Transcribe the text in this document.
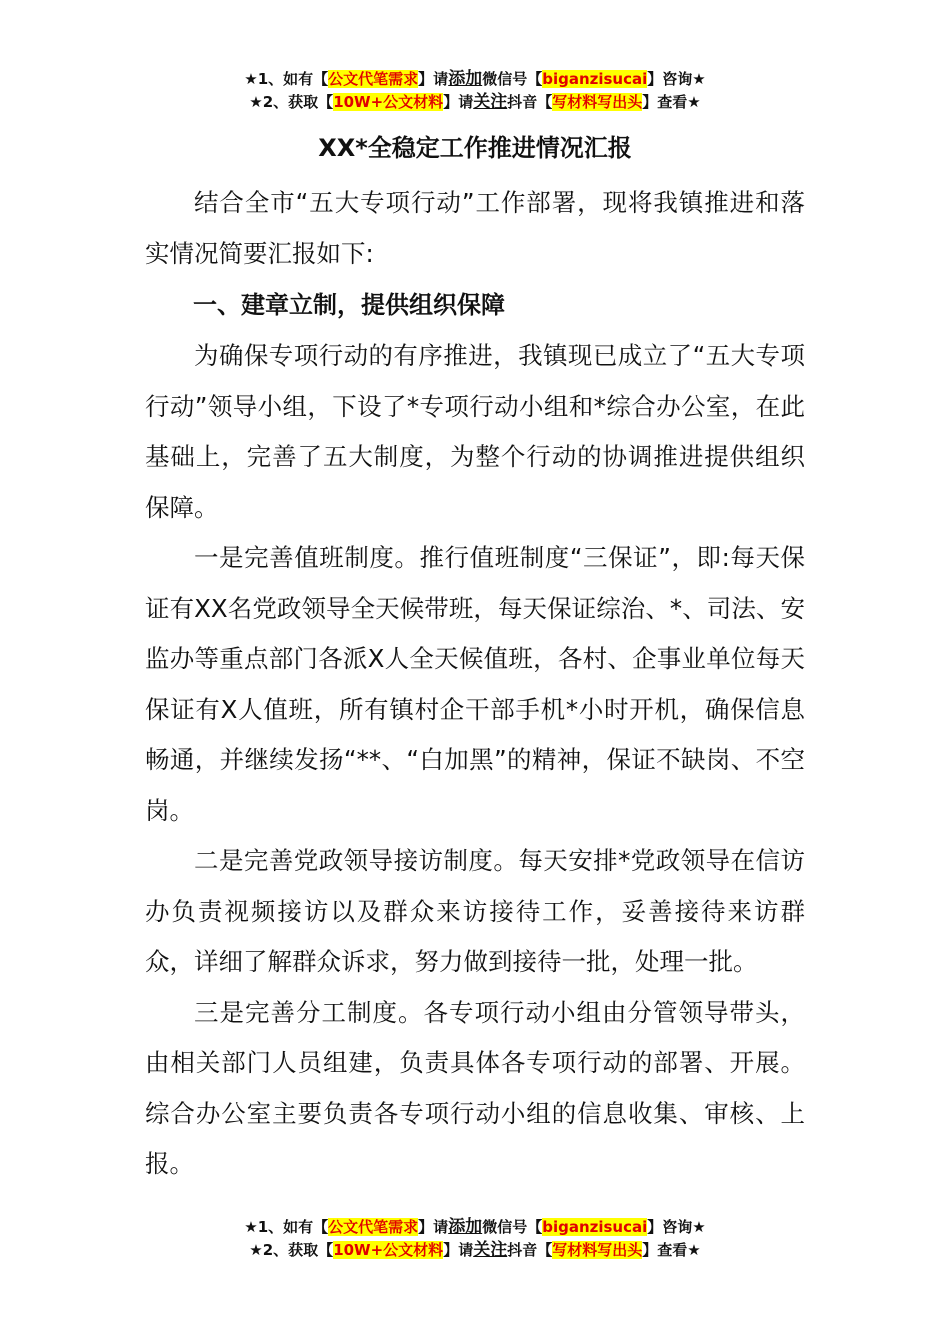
★1、如有【公文代笔需求】请添加微信号【biganzisucai】咨询★
★2、获取【10W+公文材料】请关注抖音【写材料写出头】查看★
XX*全稳定工作推进情况汇报

结合全市“五大专项行动”工作部署，现将我镇推进和落实情况简要汇报如下:

一、建章立制，提供组织保障

为确保专项行动的有序推进，我镇现已成立了“五大专项行动”领导小组，下设了*专项行动小组和*综合办公室，在此基础上，完善了五大制度，为整个行动的协调推进提供组织保障。

一是完善值班制度。推行值班制度“三保证”，即:每天保证有XX名党政领导全天候带班，每天保证综治、*、司法、安监办等重点部门各派X人全天候值班，各村、企事业单位每天保证有X人值班，所有镇村企干部手机*小时开机，确保信息畅通，并继续发扬“**、“白加黑”的精神，保证不缺岗、不空岗。

二是完善党政领导接访制度。每天安排*党政领导在信访办负责视频接访以及群众来访接待工作，妥善接待来访群众，详细了解群众诉求，努力做到接待一批，处理一批。

三是完善分工制度。各专项行动小组由分管领导带头，由相关部门人员组建，负责具体各专项行动的部署、开展。综合办公室主要负责各专项行动小组的信息收集、审核、上报。

★1、如有【公文代笔需求】请添加微信号【biganzisucai】咨询★
★2、获取【10W+公文材料】请关注抖音【写材料写出头】查看★
